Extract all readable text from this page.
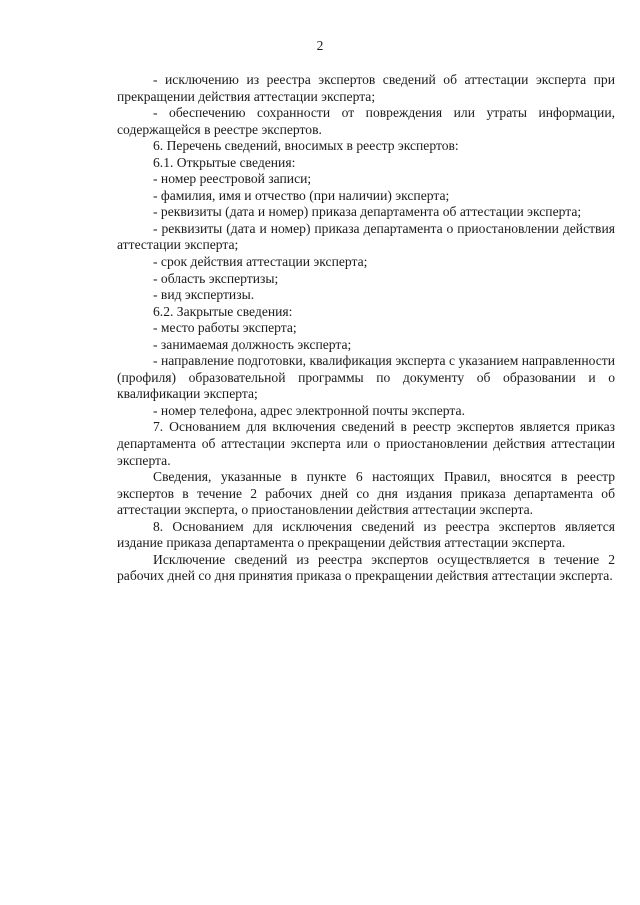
2

- исключению из реестра экспертов сведений об аттестации эксперта при прекращении действия аттестации эксперта;

- обеспечению сохранности от повреждения или утраты информации, содержащейся в реестре экспертов.

6. Перечень сведений, вносимых в реестр экспертов:

6.1. Открытые сведения:

- номер реестровой записи;

- фамилия, имя и отчество (при наличии) эксперта;

- реквизиты (дата и номер) приказа департамента об аттестации эксперта;

- реквизиты (дата и номер) приказа департамента о приостановлении действия аттестации эксперта;

- срок действия аттестации эксперта;

- область экспертизы;

- вид экспертизы.

6.2. Закрытые сведения:

- место работы эксперта;

- занимаемая должность эксперта;

- направление подготовки, квалификация эксперта с указанием направленности (профиля) образовательной программы по документу об образовании и о квалификации эксперта;

- номер телефона, адрес электронной почты эксперта.

7. Основанием для включения сведений в реестр экспертов является приказ департамента об аттестации эксперта или о приостановлении действия аттестации эксперта.

Сведения, указанные в пункте 6 настоящих Правил, вносятся в реестр экспертов в течение 2 рабочих дней со дня издания приказа департамента об аттестации эксперта, о приостановлении действия аттестации эксперта.

8. Основанием для исключения сведений из реестра экспертов является издание приказа департамента о прекращении действия аттестации эксперта.

Исключение сведений из реестра экспертов осуществляется в течение 2 рабочих дней со дня принятия приказа о прекращении действия аттестации эксперта.
